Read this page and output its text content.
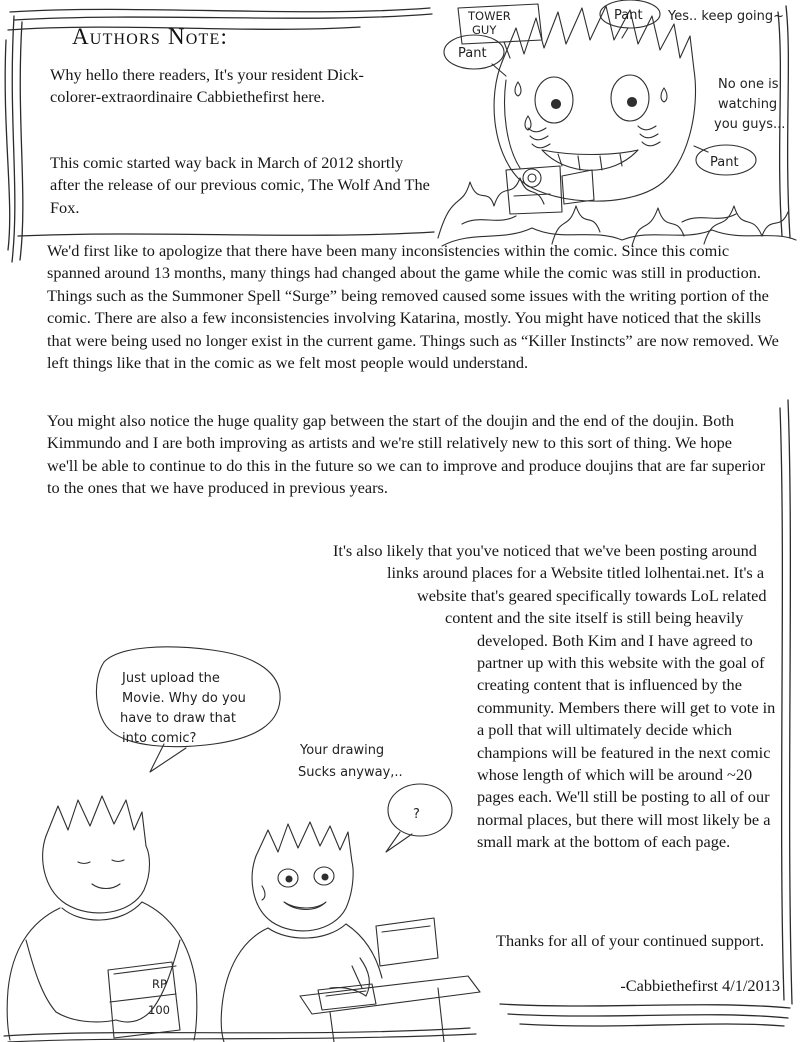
Authors Note:
Why hello there readers, It's your resident Dick-colorer-extraordinaire Cabbiethefirst here.
This comic started way back in March of 2012 shortly after the release of our previous comic, The Wolf And The Fox.
We'd first like to apologize that there have been many inconsistencies within the comic. Since this comic spanned around 13 months, many things had changed about the game while the comic was still in production. Things such as the Summoner Spell “Surge” being removed caused some issues with the writing portion of the comic. There are also a few inconsistencies involving Katarina, mostly. You might have noticed that the skills that were being used no longer exist in the current game. Things such as “Killer Instincts” are now removed. We left things like that in the comic as we felt most people would understand.
You might also notice the huge quality gap between the start of the doujin and the end of the doujin. Both Kimmundo and I are both improving as artists and we're still relatively new to this sort of thing. We hope we'll be able to continue to do this in the future so we can to improve and produce doujins that are far superior to the ones that we have produced in previous years.

It's also likely that you've noticed that we've been posting around links around places for a Website titled lolhentai.net. It's a website that's geared specifically towards LoL related content and the site itself is still being heavily developed. Both Kim and I have agreed to partner up with this website with the goal of creating content that is influenced by the community. Members there will get to vote in a poll that will ultimately decide which champions will be featured in the next comic whose length of which will be around ~20 pages each. We'll still be posting to all of our normal places, but there will most likely be a small mark at the bottom of each page.

Thanks for all of your continued support.
-Cabbiethefirst 4/1/2013
TOWER
GUY
Pant
Pant
Pant
Yes.. keep going~
No one is
watching
you guys...
Just upload the
Movie. Why do you
have to draw that
into comic?
Your drawing
Sucks anyway,..
?
RP
100
